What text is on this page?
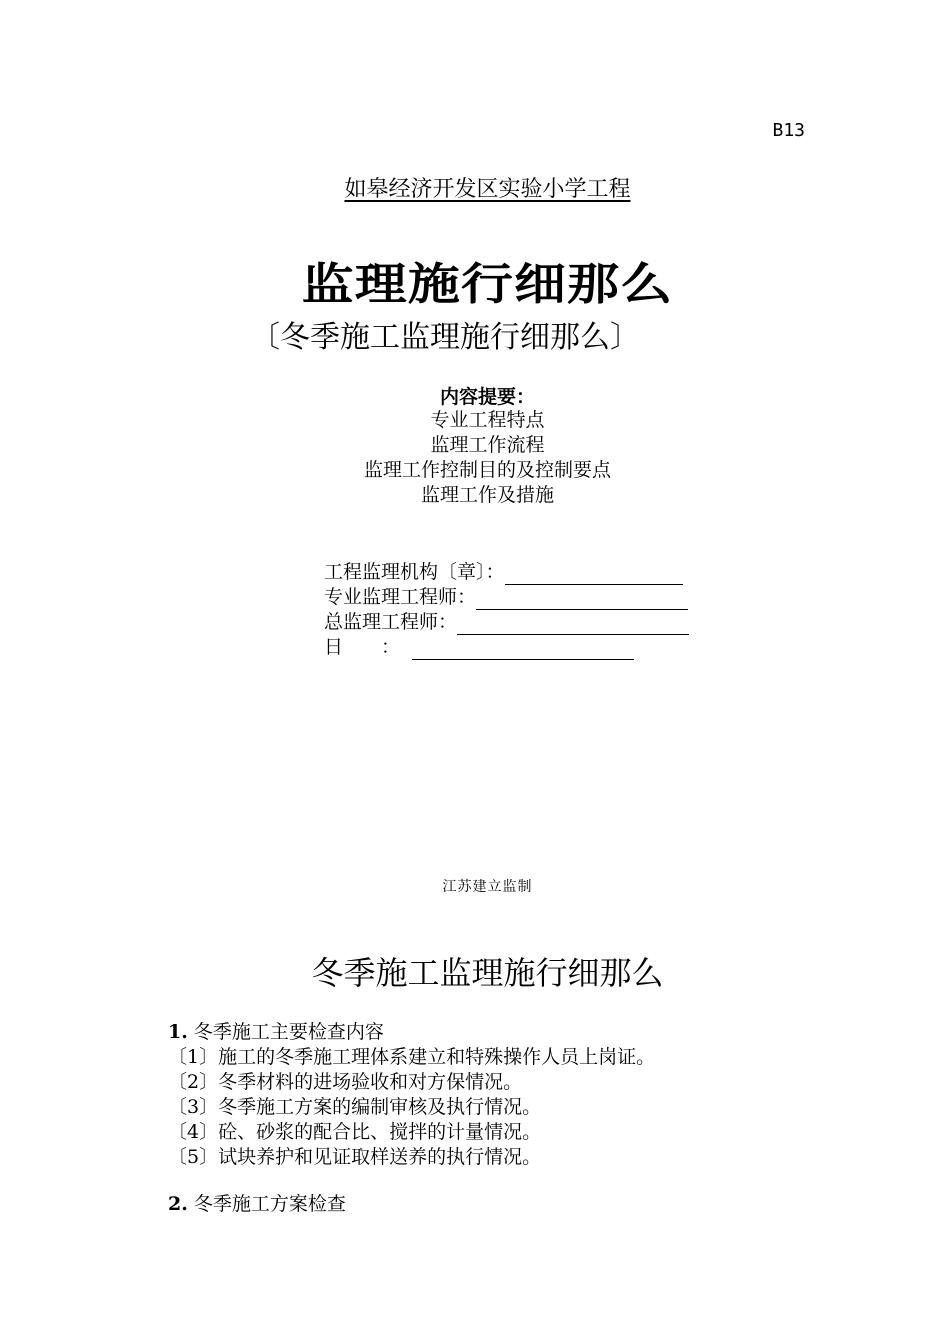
B13
如皋经济开发区实验小学工程
监理施行细那么
〔冬季施工监理施行细那么〕
内容提要：
专业工程特点
监理工作流程
监理工作控制目的及控制要点
监理工作及措施
工程监理机构〔章〕：
专业监理工程师：
总监理工程师：
日　　：
江苏建立监制
冬季施工监理施行细那么
1. 冬季施工主要检查内容
〔1〕施工的冬季施工理体系建立和特殊操作人员上岗证。
〔2〕冬季材料的进场验收和对方保情况。
〔3〕冬季施工方案的编制审核及执行情况。
〔4〕砼、砂浆的配合比、搅拌的计量情况。
〔5〕试块养护和见证取样送养的执行情况。
2. 冬季施工方案检查
